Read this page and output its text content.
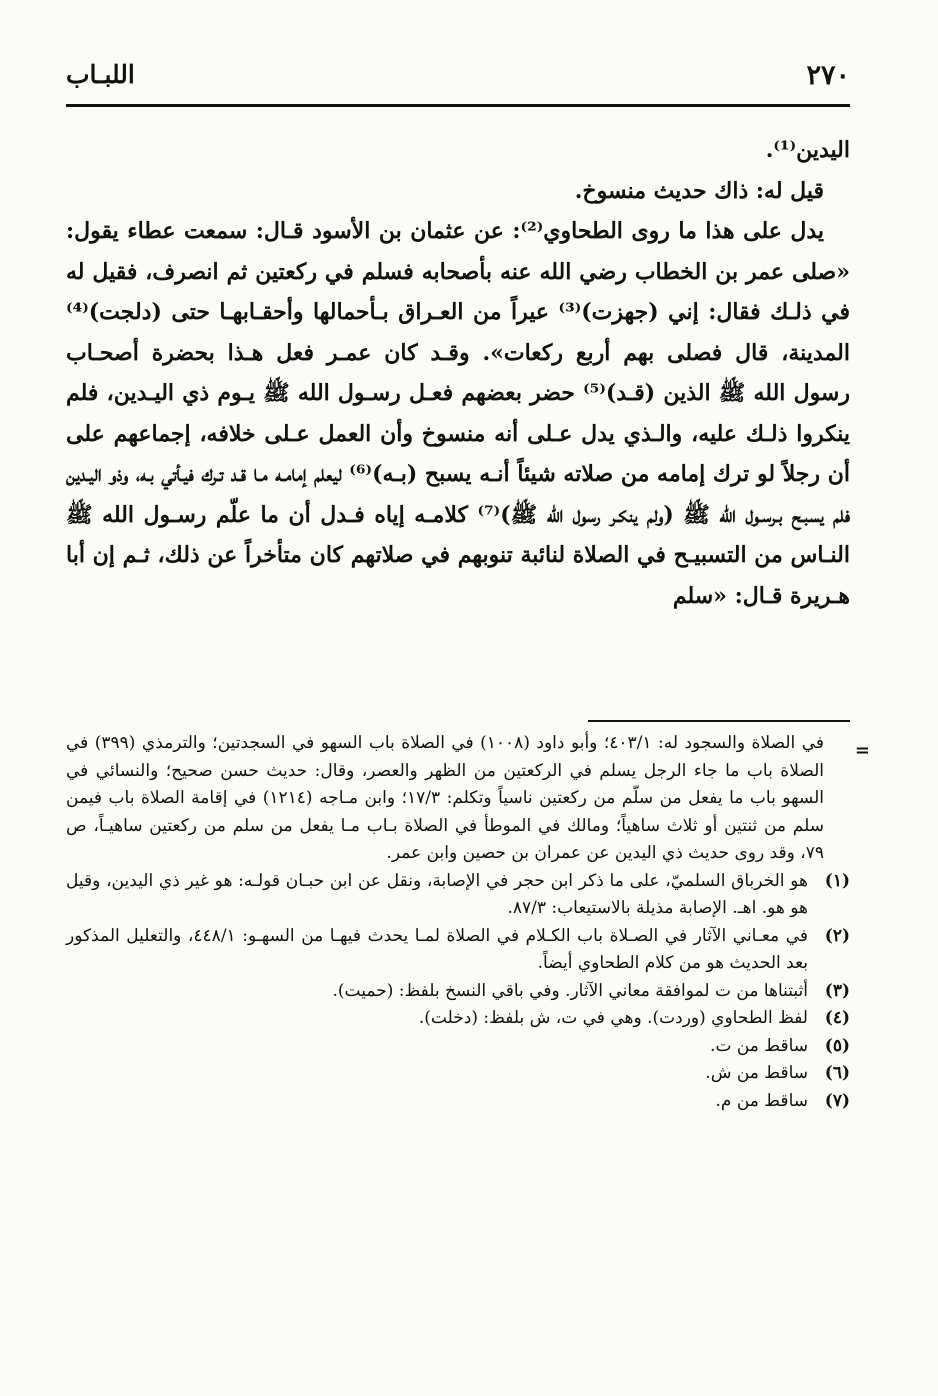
٢٧٠
اللبـاب

اليدين⁽¹⁾.

قيل له: ذاك حديث منسوخ.

يدل على هذا ما روى الطحاوي⁽²⁾: عن عثمان بن الأسود قـال: سمعت عطاء يقول: «صلى عمر بن الخطاب رضي الله عنه بأصحابه فسلم في ركعتين ثم انصرف، فقيل له في ذلـك فقال: إني (جهزت)⁽³⁾ عيراً من العـراق بـأحمالها وأحقـابهـا حتى (دلجت)⁽⁴⁾ المدينة، قال فصلى بهم أربع ركعات». وقـد كان عمـر فعل هـذا بحضرة أصحـاب رسول الله ﷺ الذين (قـد)⁽⁵⁾ حضر بعضهم فعـل رسـول الله ﷺ يـوم ذي اليـدين، فلم ينكروا ذلـك عليه، والـذي يدل عـلى أنه منسوخ وأن العمل عـلى خلافه، إجماعهم على أن رجلاً لو ترك إمامه من صلاته شيئاً أنـه يسبح (بـه)⁽⁶⁾ ليعلم إمامـه مـا قـد تـرك فيـأتي بـه، وذو اليـدين فلم يسبـح بـرسـول الله ﷺ (ولم ينكـر رسول الله ﷺ)⁽⁷⁾ كلامـه إياه فـدل أن ما علّم رسـول الله ﷺ النـاس من التسبيـح في الصلاة لنائبة تنوبهم في صلاتهم كان متأخراً عن ذلك، ثـم إن أبا هـريرة قـال: «سلم

=

في الصلاة والسجود له: ٤٠٣/١؛ وأبو داود (١٠٠٨) في الصلاة باب السهو في السجدتين؛ والترمذي (٣٩٩) في الصلاة باب ما جاء الرجل يسلم في الركعتين من الظهر والعصر، وقال: حديث حسن صحيح؛ والنسائي في السهو باب ما يفعل من سلّم من ركعتين ناسياً وتكلم: ١٧/٣؛ وابن مـاجه (١٢١٤) في إقامة الصلاة باب فيمن سلم من ثنتين أو ثلاث ساهياً؛ ومالك في الموطأ في الصلاة بـاب مـا يفعل من سلم من ركعتين ساهيـاً، ص ٧٩، وقد روى حديث ذي اليدين عن عمران بن حصين وابن عمر.

(١)
هو الخرباق السلميّ، على ما ذكر ابن حجر في الإصابة، ونقل عن ابن حبـان قولـه: هو غير ذي اليدين، وقيل هو هو. اهـ. الإصابة مذيلة بالاستيعاب: ٨٧/٣.
(٢)
في معـاني الآثار في الصـلاة باب الكـلام في الصلاة لمـا يحدث فيهـا من السهـو: ٤٤٨/١، والتعليل المذكور بعد الحديث هو من كلام الطحاوي أيضاً.
(٣)
أثبتناها من ت لموافقة معاني الآثار. وفي باقي النسخ بلفظ: (حميت).
(٤)
لفظ الطحاوي (وردت). وهي في ت، ش بلفظ: (دخلت).
(٥)
ساقط من ت.
(٦)
ساقط من ش.
(٧)
ساقط من م.
